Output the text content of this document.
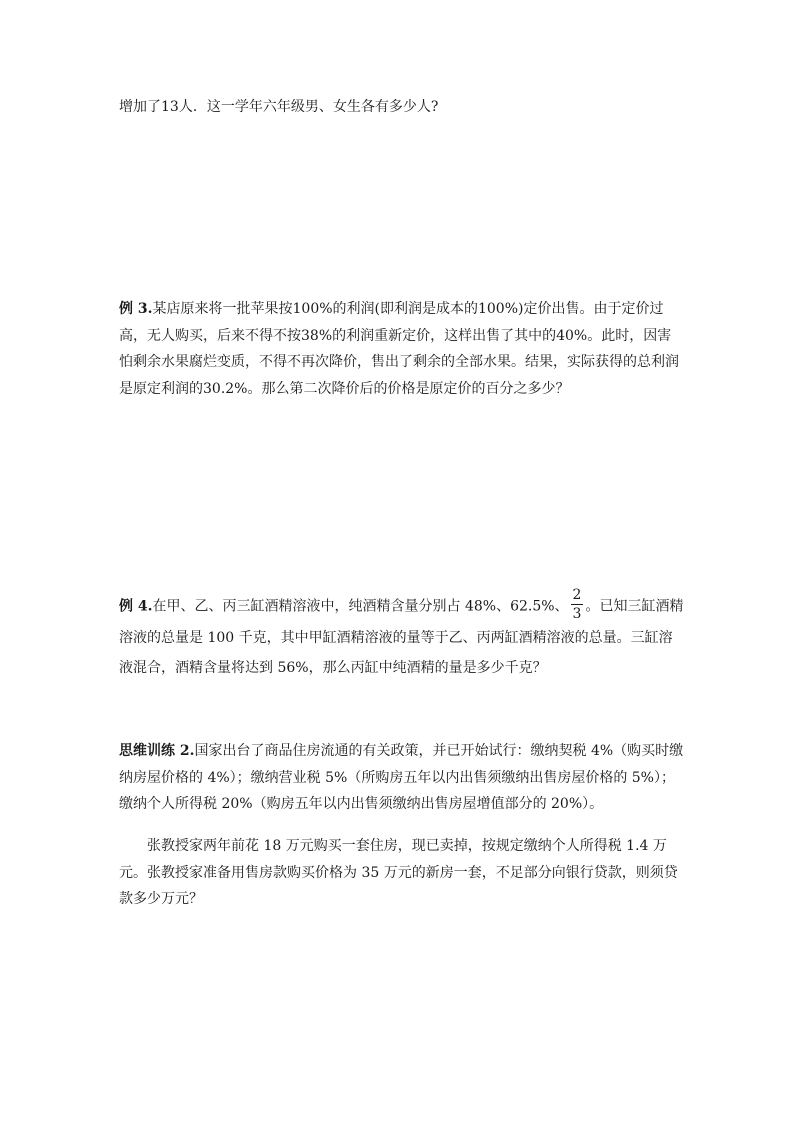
增加了13人．这一学年六年级男、女生各有多少人?

例 3.某店原来将一批苹果按100%的利润(即利润是成本的100%)定价出售。由于定价过高，无人购买，后来不得不按38%的利润重新定价，这样出售了其中的40%。此时，因害怕剩余水果腐烂变质，不得不再次降价，售出了剩余的全部水果。结果，实际获得的总利润是原定利润的30.2%。那么第二次降价后的价格是原定价的百分之多少？

例 4.在甲、乙、丙三缸酒精溶液中，纯酒精含量分别占 48%、62.5%、 $\frac{2}{3}$ 。已知三缸酒精溶液的总量是 100 千克，其中甲缸酒精溶液的量等于乙、丙两缸酒精溶液的总量。三缸溶液混合，酒精含量将达到 56%，那么丙缸中纯酒精的量是多少千克？

思维训练 2.国家出台了商品住房流通的有关政策，并已开始试行：缴纳契税 4%（购买时缴纳房屋价格的 4%）；缴纳营业税 5%（所购房五年以内出售须缴纳出售房屋价格的 5%）；缴纳个人所得税 20%（购房五年以内出售须缴纳出售房屋增值部分的 20%）。

张教授家两年前花 18 万元购买一套住房，现已卖掉，按规定缴纳个人所得税 1.4 万元。张教授家准备用售房款购买价格为 35 万元的新房一套，不足部分向银行贷款，则须贷款多少万元？
